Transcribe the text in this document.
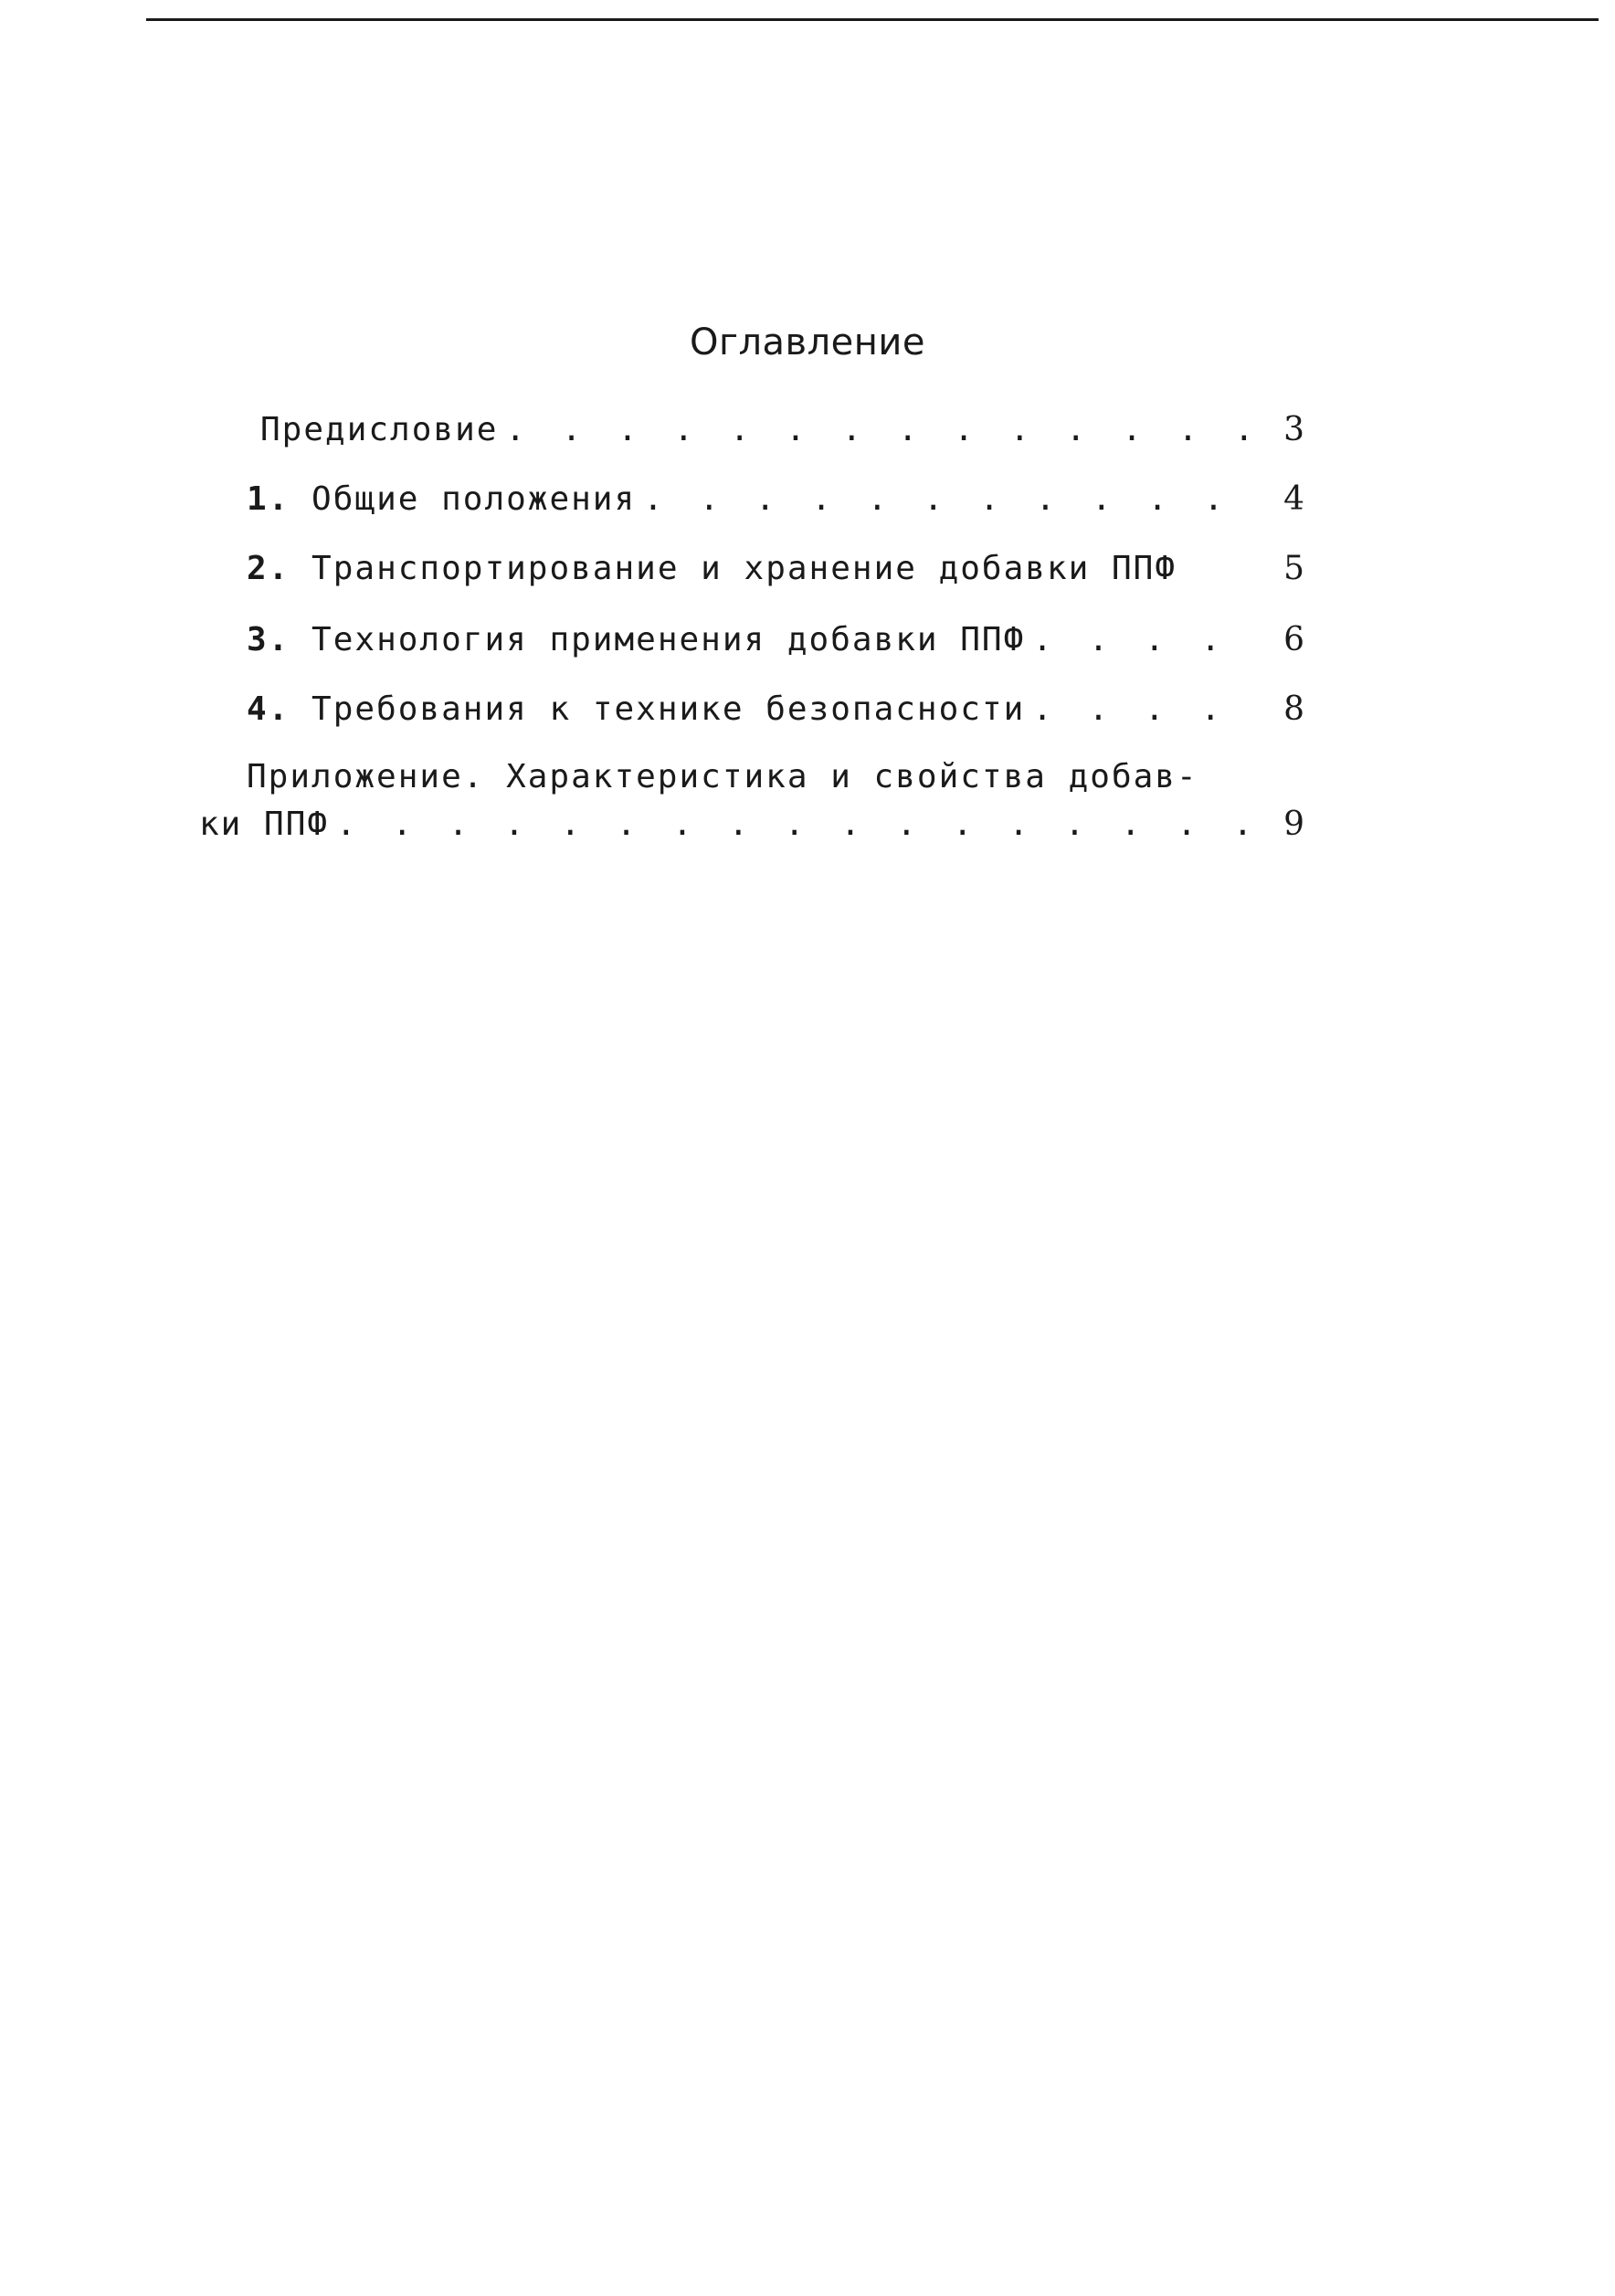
Оглавление
Предисловие . . .	3
1. Общие положения . . .	4
2. Транспортирование и хранение добавки ППФ	5
3. Технология применения добавки ППФ . . .	6
4. Требования к технике безопасности . . .	8
Приложение. Характеристика и свойства добав-
ки ППФ . . .	9
